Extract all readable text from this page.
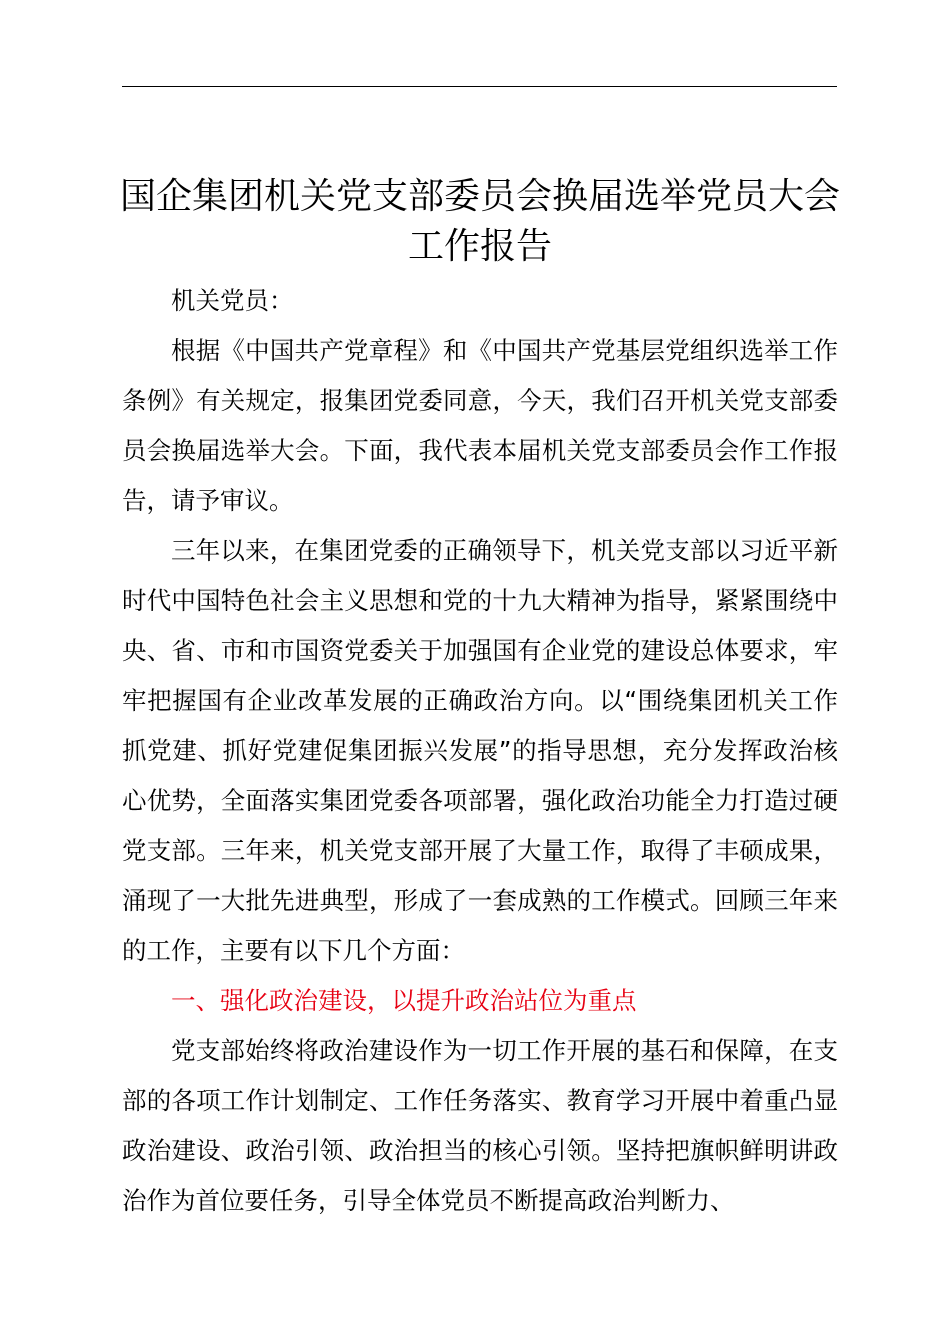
国企集团机关党支部委员会换届选举党员大会
工作报告

机关党员：

根据《中国共产党章程》和《中国共产党基层党组织选举工作条例》有关规定，报集团党委同意，今天，我们召开机关党支部委员会换届选举大会。下面，我代表本届机关党支部委员会作工作报告，请予审议。

三年以来，在集团党委的正确领导下，机关党支部以习近平新时代中国特色社会主义思想和党的十九大精神为指导，紧紧围绕中央、省、市和市国资党委关于加强国有企业党的建设总体要求，牢牢把握国有企业改革发展的正确政治方向。以“围绕集团机关工作抓党建、抓好党建促集团振兴发展”的指导思想，充分发挥政治核心优势，全面落实集团党委各项部署，强化政治功能全力打造过硬党支部。三年来，机关党支部开展了大量工作，取得了丰硕成果，涌现了一大批先进典型，形成了一套成熟的工作模式。回顾三年来的工作，主要有以下几个方面：

一、强化政治建设，以提升政治站位为重点

党支部始终将政治建设作为一切工作开展的基石和保障，在支部的各项工作计划制定、工作任务落实、教育学习开展中着重凸显政治建设、政治引领、政治担当的核心引领。坚持把旗帜鲜明讲政治作为首位要任务，引导全体党员不断提高政治判断力、
